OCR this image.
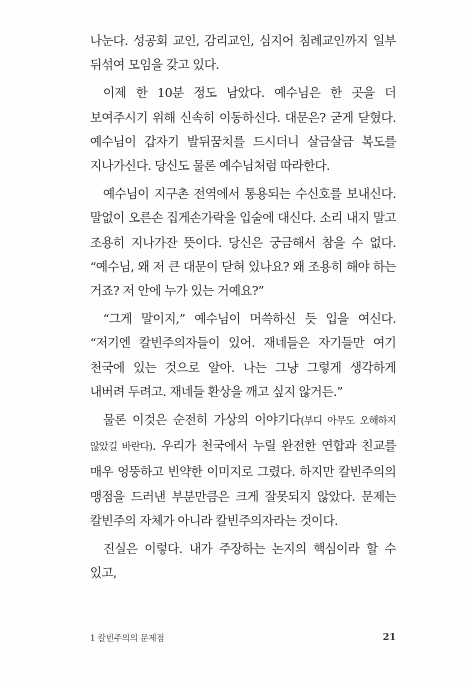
나눈다. 성공회 교인, 감리교인, 심지어 침례교인까지 일부 뒤섞여 모임을 갖고 있다.

이제 한 10분 정도 남았다. 예수님은 한 곳을 더 보여주시기 위해 신속히 이동하신다. 대문은? 굳게 닫혔다. 예수님이 갑자기 발뒤꿈치를 드시더니 살금살금 복도를 지나가신다. 당신도 물론 예수님처럼 따라한다.

예수님이 지구촌 전역에서 통용되는 수신호를 보내신다. 말없이 오른손 집게손가락을 입술에 대신다. 소리 내지 말고 조용히 지나가잔 뜻이다. 당신은 궁금해서 참을 수 없다. “예수님, 왜 저 큰 대문이 닫혀 있나요? 왜 조용히 해야 하는 거죠? 저 안에 누가 있는 거예요?”

“그게 말이지,” 예수님이 머쓱하신 듯 입을 여신다. “저기엔 칼빈주의자들이 있어. 재네들은 자기들만 여기 천국에 있는 것으로 알아. 나는 그냥 그렇게 생각하게 내버려 두려고. 재네들 환상을 깨고 싶지 않거든.”

물론 이것은 순전히 가상의 이야기다(부디 아무도 오해하지 않았길 바란다). 우리가 천국에서 누릴 완전한 연합과 친교를 매우 엉뚱하고 빈약한 이미지로 그렸다. 하지만 칼빈주의의 맹점을 드러낸 부분만큼은 크게 잘못되지 않았다. 문제는 칼빈주의 자체가 아니라 칼빈주의자라는 것이다.

진실은 이렇다. 내가 주장하는 논지의 핵심이라 할 수 있고,

1 칼빈주의의 문제점	21
